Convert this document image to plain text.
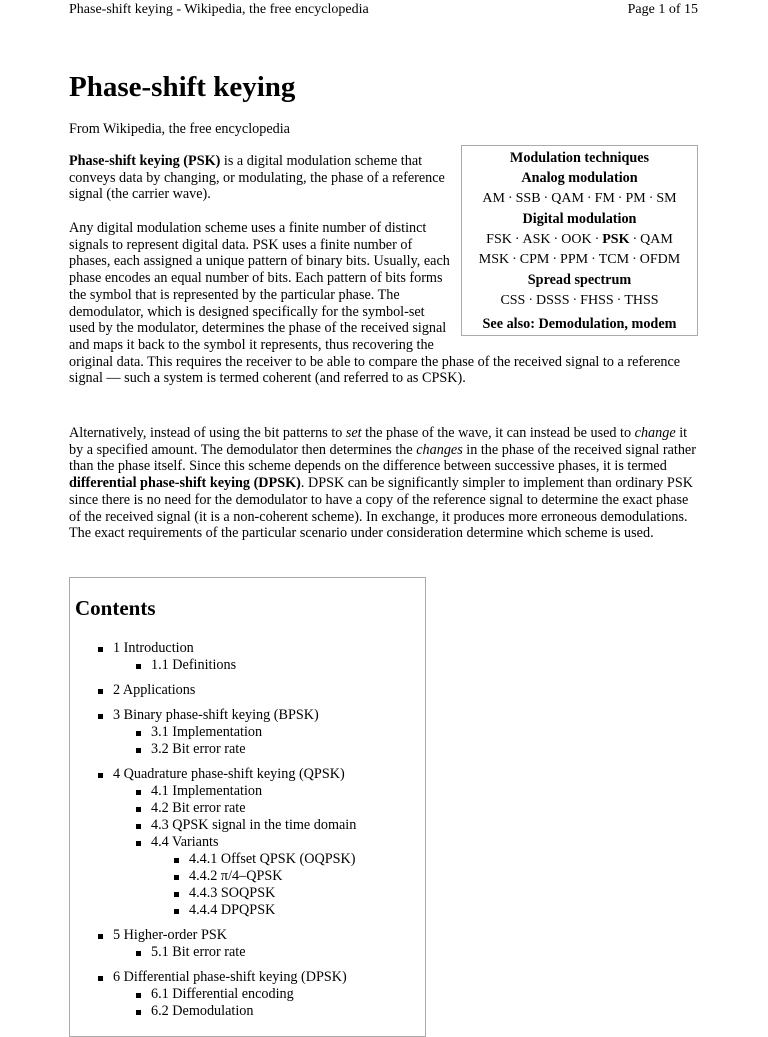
Phase-shift keying - Wikipedia, the free encyclopedia	Page 1 of 15
Phase-shift keying
From Wikipedia, the free encyclopedia

Phase-shift keying (PSK) is a digital modulation scheme that conveys data by changing, or modulating, the phase of a reference signal (the carrier wave).

Any digital modulation scheme uses a finite number of distinct signals to represent digital data. PSK uses a finite number of phases, each assigned a unique pattern of binary bits. Usually, each phase encodes an equal number of bits. Each pattern of bits forms the symbol that is represented by the particular phase. The demodulator, which is designed specifically for the symbol-set used by the modulator, determines the phase of the received signal and maps it back to the symbol it represents, thus recovering the original data. This requires the receiver to be able to compare the phase of the received signal to a reference signal — such a system is termed coherent (and referred to as CPSK).

Alternatively, instead of using the bit patterns to set the phase of the wave, it can instead be used to change it by a specified amount. The demodulator then determines the changes in the phase of the received signal rather than the phase itself. Since this scheme depends on the difference between successive phases, it is termed differential phase-shift keying (DPSK). DPSK can be significantly simpler to implement than ordinary PSK since there is no need for the demodulator to have a copy of the reference signal to determine the exact phase of the received signal (it is a non-coherent scheme). In exchange, it produces more erroneous demodulations. The exact requirements of the particular scenario under consideration determine which scheme is used.

Modulation techniques
Analog modulation
AM · SSB · QAM · FM · PM · SM
Digital modulation
FSK · ASK · OOK · PSK · QAM
MSK · CPM · PPM · TCM · OFDM
Spread spectrum
CSS · DSSS · FHSS · THSS
See also: Demodulation, modem
Contents
1 Introduction
1.1 Definitions
2 Applications
3 Binary phase-shift keying (BPSK)
3.1 Implementation
3.2 Bit error rate
4 Quadrature phase-shift keying (QPSK)
4.1 Implementation
4.2 Bit error rate
4.3 QPSK signal in the time domain
4.4 Variants
4.4.1 Offset QPSK (OQPSK)
4.4.2 π/4–QPSK
4.4.3 SOQPSK
4.4.4 DPQPSK
5 Higher-order PSK
5.1 Bit error rate
6 Differential phase-shift keying (DPSK)
6.1 Differential encoding
6.2 Demodulation
